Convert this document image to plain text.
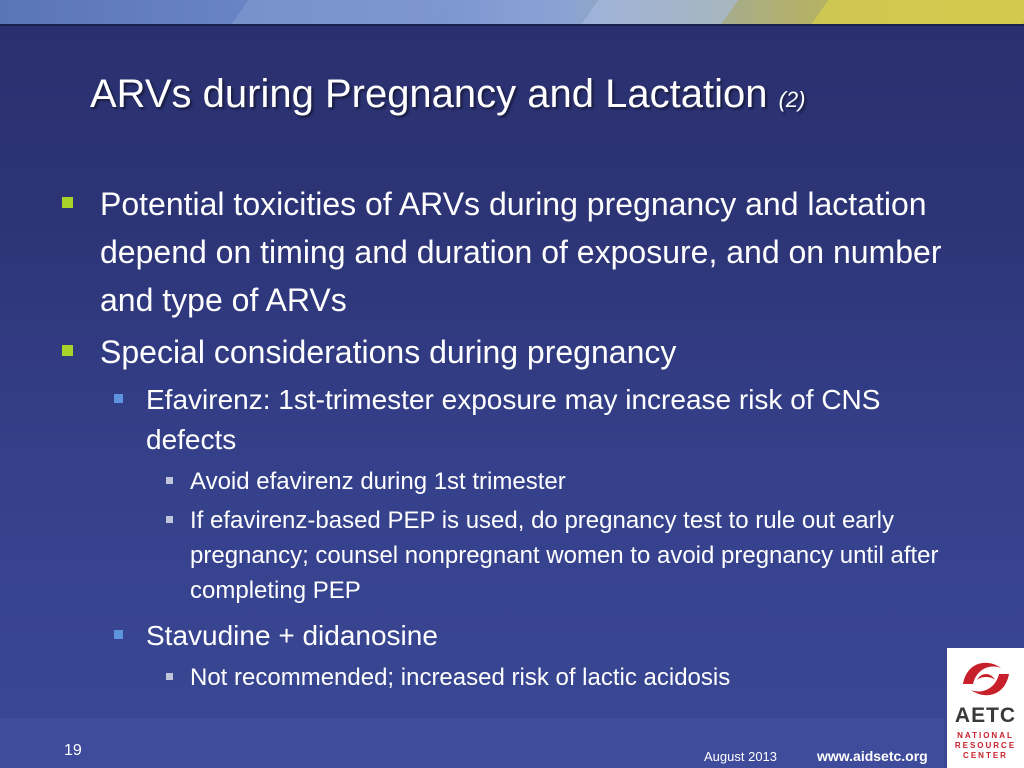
ARVs during Pregnancy and Lactation (2)
Potential toxicities of ARVs during pregnancy and lactation depend on timing and duration of exposure, and on number and type of ARVs
Special considerations during pregnancy
Efavirenz: 1st-trimester exposure may increase risk of CNS defects
Avoid efavirenz during 1st trimester
If efavirenz-based PEP is used, do pregnancy test to rule out early pregnancy; counsel nonpregnant women to avoid pregnancy until after completing PEP
Stavudine + didanosine
Not recommended; increased risk of lactic acidosis
19	August 2013	www.aidsetc.org
AETC
NATIONAL
RESOURCE
CENTER
